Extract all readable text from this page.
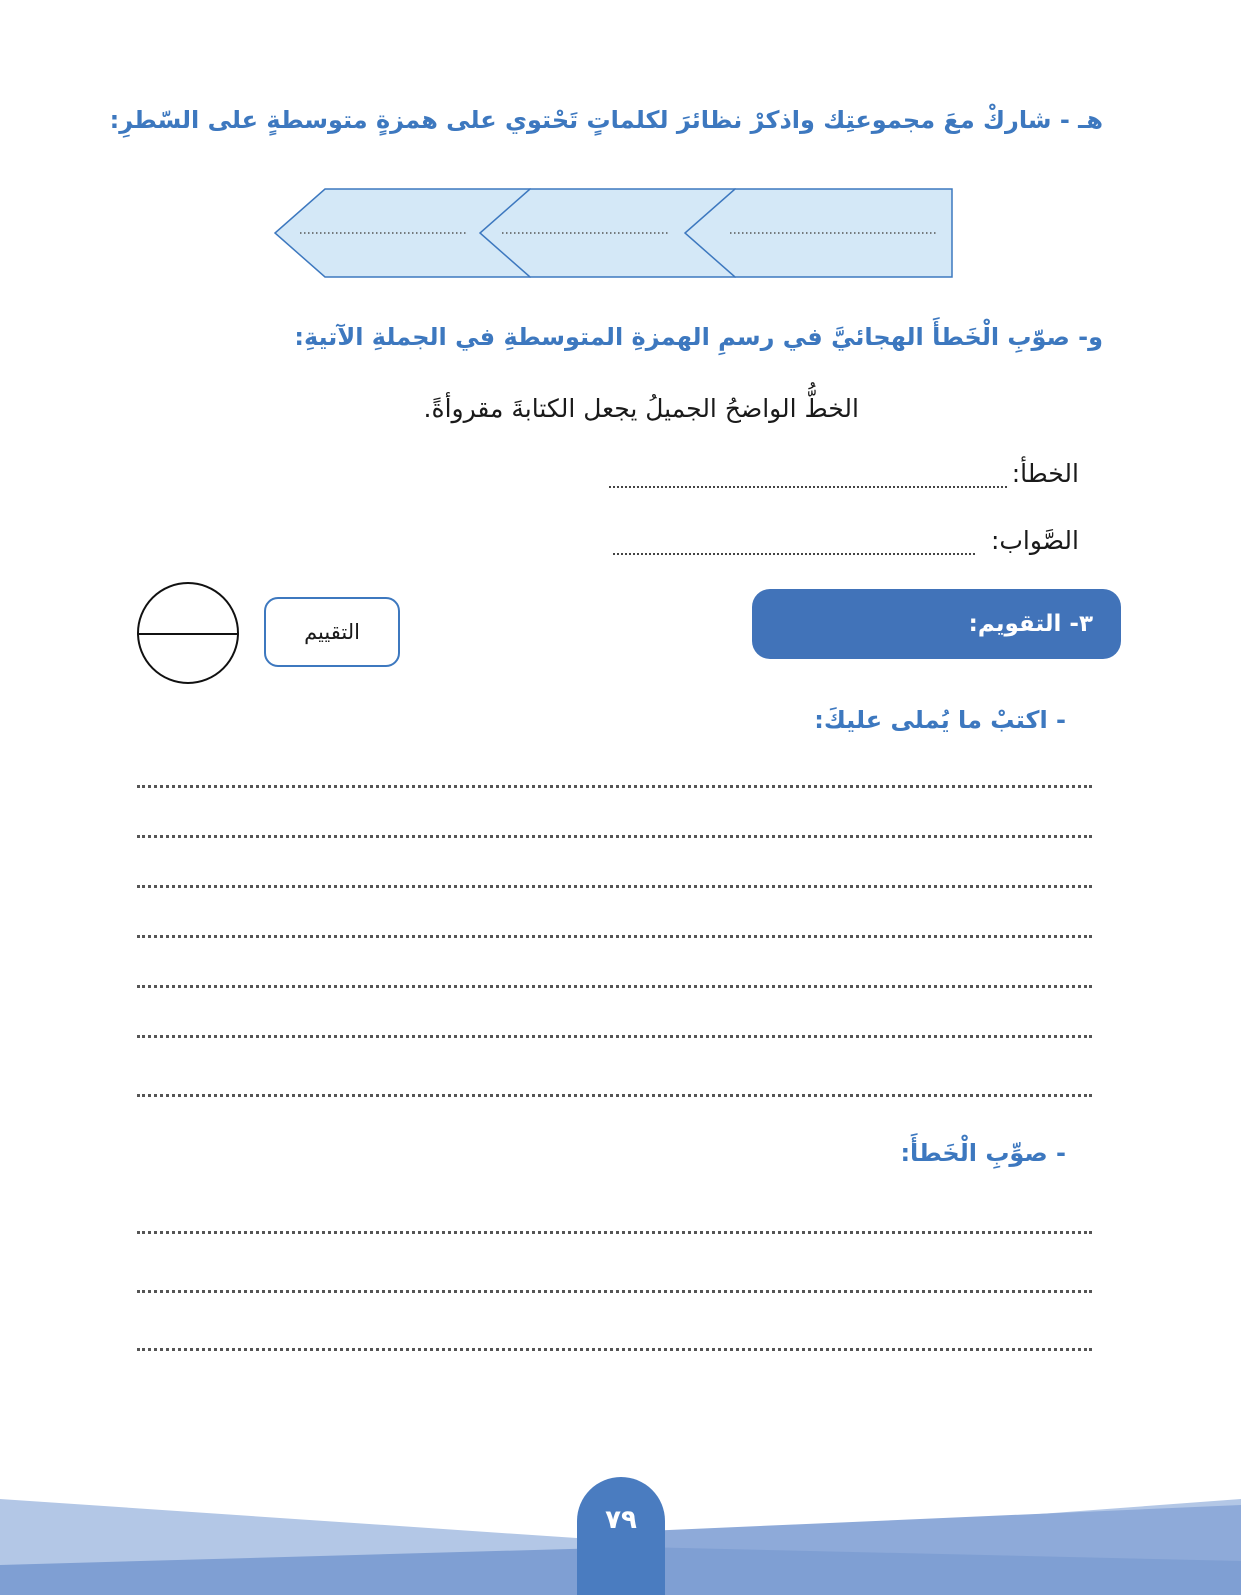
هـ - شاركْ معَ مجموعتِك واذكرْ نظائرَ لكلماتٍ تَحْتوي على همزةٍ متوسطةٍ على السّطرِ:
و- صوّبِ الْخَطأَ الهجائيَّ في رسمِ الهمزةِ المتوسطةِ في الجملةِ الآتيةِ:
الخطُّ الواضحُ الجميلُ يجعل الكتابةَ مقروأةً.
الخطأ:
الصَّواب:
٣- التقويم:
التقييم
- اكتبْ ما يُملى عليكَ:
- صوِّبِ الْخَطأَ:
٧٩
